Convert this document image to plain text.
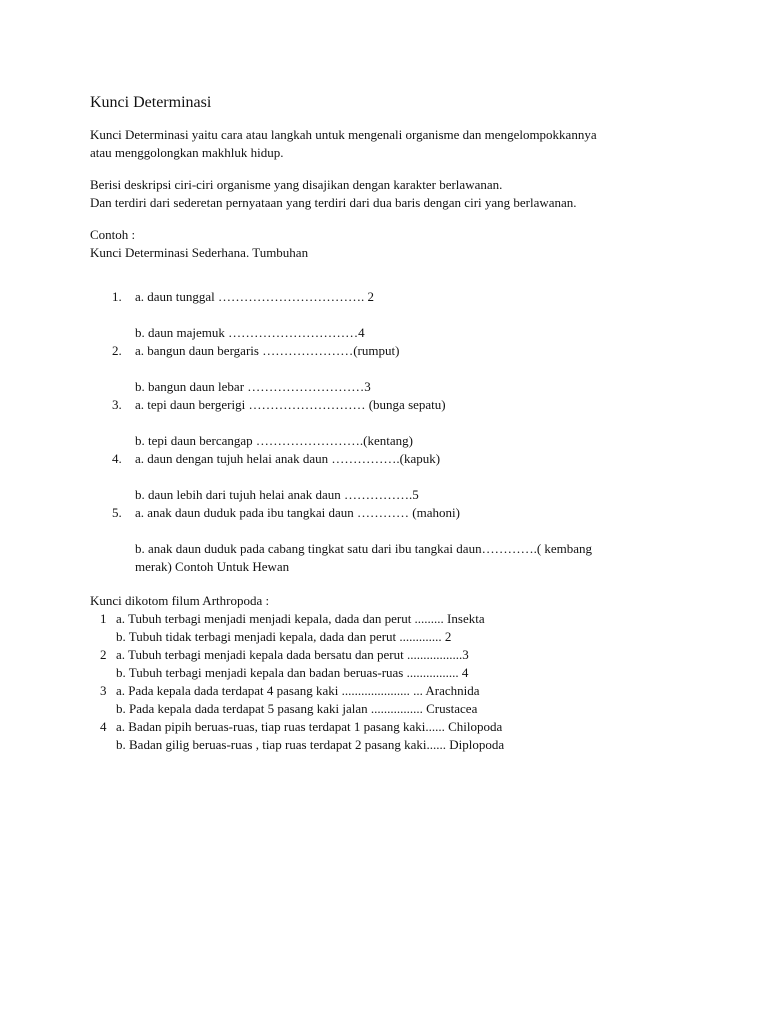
Kunci Determinasi

Kunci Determinasi yaitu cara atau langkah untuk mengenali organisme dan mengelompokkannya

atau menggolongkan makhluk hidup.

Berisi deskripsi ciri-ciri organisme yang disajikan dengan karakter berlawanan.

Dan terdiri dari sederetan pernyataan yang terdiri dari dua baris dengan ciri yang berlawanan.

Contoh :

Kunci Determinasi Sederhana. Tumbuhan

1. a. daun tunggal ……………………………. 2

b. daun majemuk …………………………4

2. a. bangun daun bergaris …………………(rumput)

b. bangun daun lebar ………………………3

3. a. tepi daun bergerigi ……………………… (bunga sepatu)

b. tepi daun bercangap …………………….(kentang)

4. a. daun dengan tujuh helai anak daun …………….(kapuk)

b. daun lebih dari tujuh helai anak daun …………….5

5. a. anak daun duduk pada ibu tangkai daun ………… (mahoni)

b. anak daun duduk pada cabang tingkat satu dari ibu tangkai daun………….( kembang

merak) Contoh Untuk Hewan

Kunci dikotom filum Arthropoda :

1 a. Tubuh terbagi menjadi menjadi kepala, dada dan perut ......... Insekta
b. Tubuh tidak terbagi menjadi kepala, dada dan perut ............. 2
2 a. Tubuh terbagi menjadi kepala dada bersatu dan perut .................3
b. Tubuh terbagi menjadi kepala dan badan beruas-ruas ................ 4
3 a. Pada kepala dada terdapat 4 pasang kaki ..................... ... Arachnida
b. Pada kepala dada terdapat 5 pasang kaki jalan ................ Crustacea
4 a. Badan pipih beruas-ruas, tiap ruas terdapat 1 pasang kaki...... Chilopoda
b. Badan gilig beruas-ruas , tiap ruas terdapat 2 pasang kaki...... Diplopoda
